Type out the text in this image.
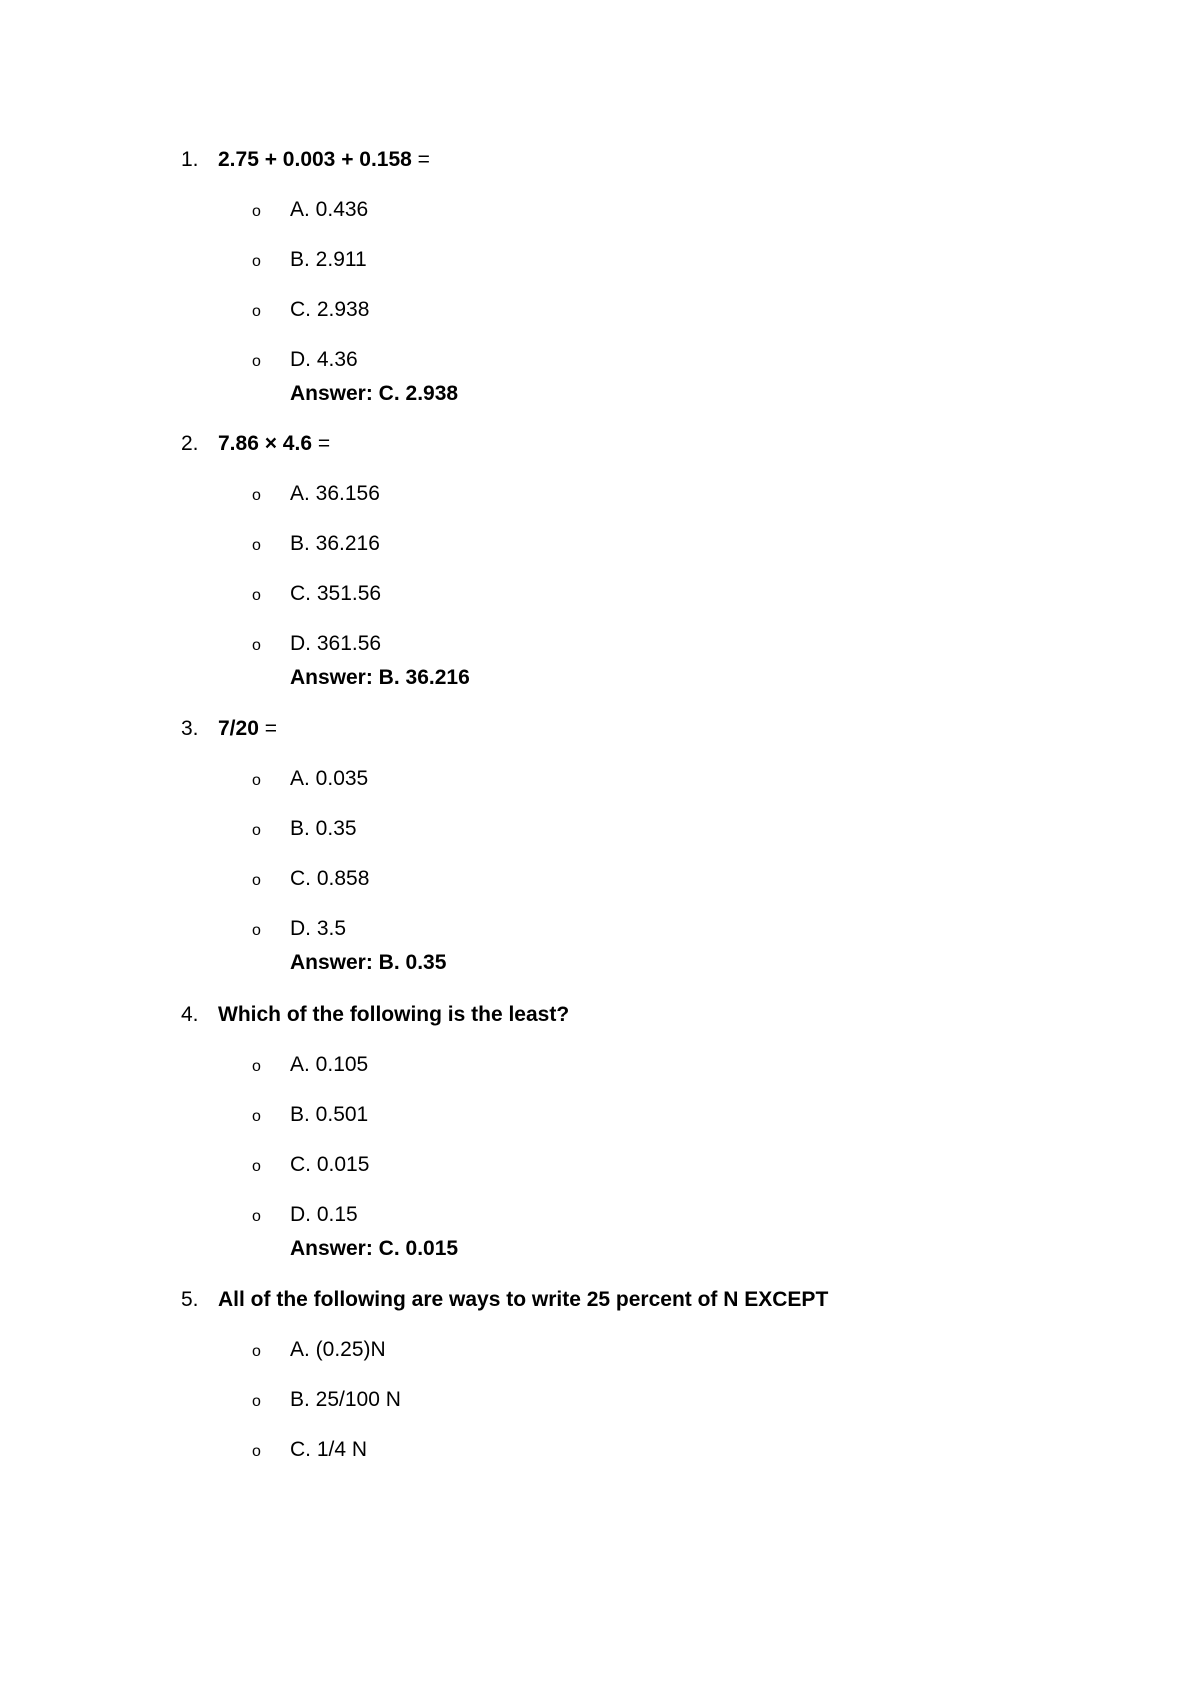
1. 2.75 + 0.003 + 0.158 =
o A. 0.436
o B. 2.911
o C. 2.938
o D. 4.36
Answer: C. 2.938
2. 7.86 × 4.6 =
o A. 36.156
o B. 36.216
o C. 351.56
o D. 361.56
Answer: B. 36.216
3. 7/20 =
o A. 0.035
o B. 0.35
o C. 0.858
o D. 3.5
Answer: B. 0.35
4. Which of the following is the least?
o A. 0.105
o B. 0.501
o C. 0.015
o D. 0.15
Answer: C. 0.015
5. All of the following are ways to write 25 percent of N EXCEPT
o A. (0.25)N
o B. 25/100 N
o C. 1/4 N
